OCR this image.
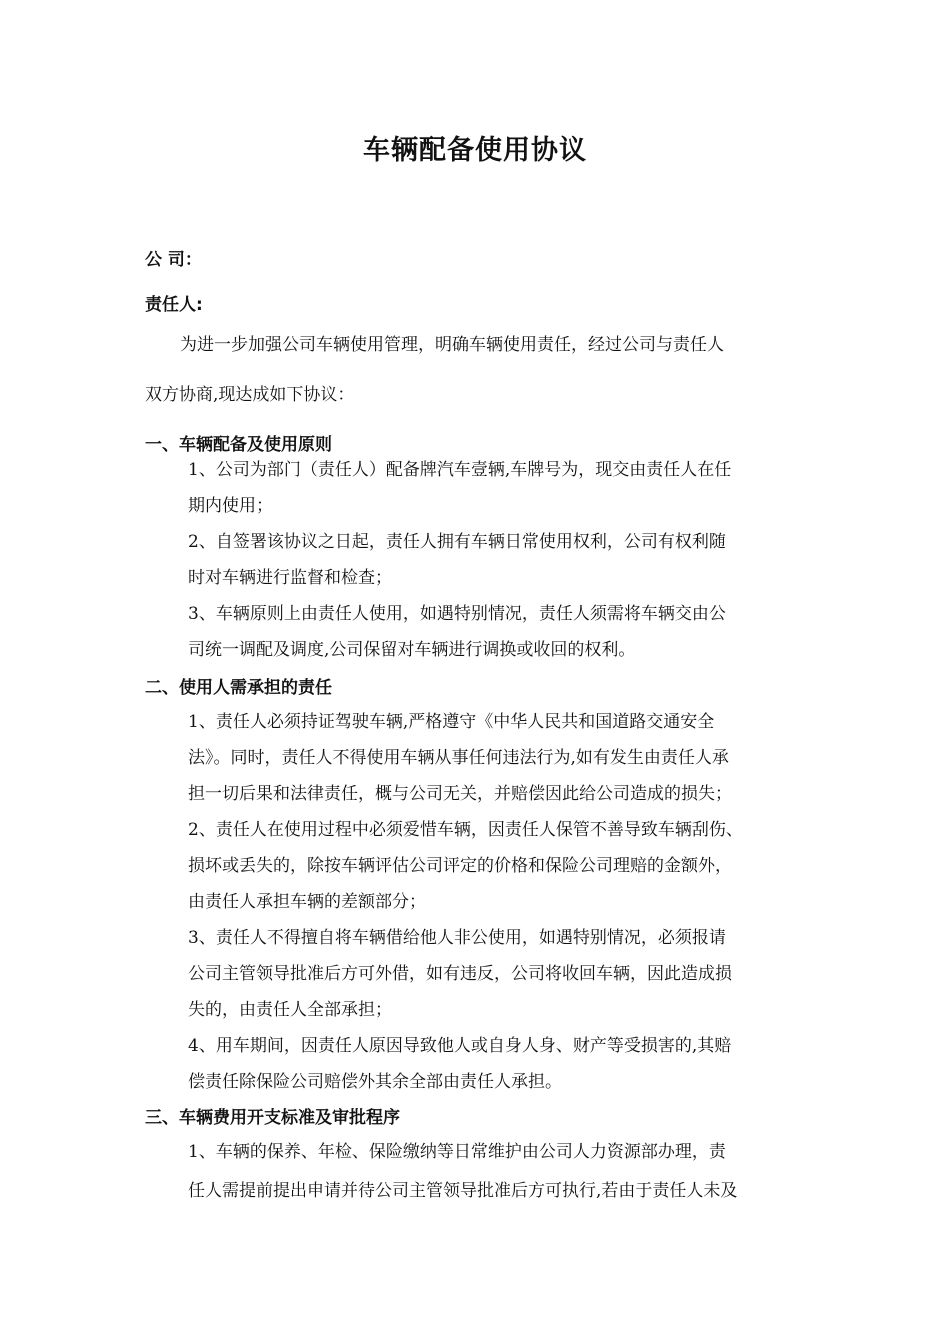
车辆配备使用协议
公 司：
责任人:
为进一步加强公司车辆使用管理，明确车辆使用责任，经过公司与责任人
双方协商,现达成如下协议：
一、车辆配备及使用原则
1、公司为部门（责任人）配备牌汽车壹辆,车牌号为，现交由责任人在任
期内使用；
2、自签署该协议之日起，责任人拥有车辆日常使用权利，公司有权利随
时对车辆进行监督和检查；
3、车辆原则上由责任人使用，如遇特别情况，责任人须需将车辆交由公
司统一调配及调度,公司保留对车辆进行调换或收回的权利。
二、使用人需承担的责任
1、责任人必须持证驾驶车辆,严格遵守《中华人民共和国道路交通安全
法》。同时，责任人不得使用车辆从事任何违法行为,如有发生由责任人承
担一切后果和法律责任，概与公司无关，并赔偿因此给公司造成的损失；
2、责任人在使用过程中必须爱惜车辆，因责任人保管不善导致车辆刮伤、
损坏或丢失的，除按车辆评估公司评定的价格和保险公司理赔的金额外，
由责任人承担车辆的差额部分；
3、责任人不得擅自将车辆借给他人非公使用，如遇特别情况，必须报请
公司主管领导批准后方可外借，如有违反，公司将收回车辆，因此造成损
失的，由责任人全部承担；
4、用车期间，因责任人原因导致他人或自身人身、财产等受损害的,其赔
偿责任除保险公司赔偿外其余全部由责任人承担。
三、车辆费用开支标准及审批程序
1、车辆的保养、年检、保险缴纳等日常维护由公司人力资源部办理，责
任人需提前提出申请并待公司主管领导批准后方可执行,若由于责任人未及
